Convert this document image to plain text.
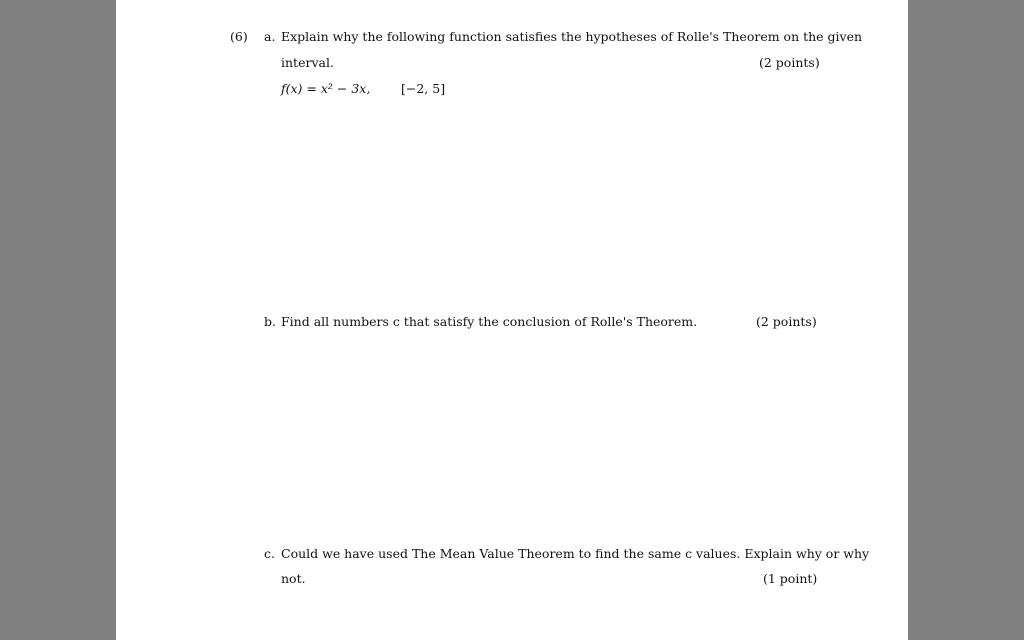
(6) a. Explain why the following function satisfies the hypotheses of Rolle's Theorem on the given
interval.	(2 points)
f(x) = x² − 3x, [−2, 5]
b. Find all numbers c that satisfy the conclusion of Rolle's Theorem.	(2 points)
c. Could we have used The Mean Value Theorem to find the same c values. Explain why or why
not.	(1 point)
